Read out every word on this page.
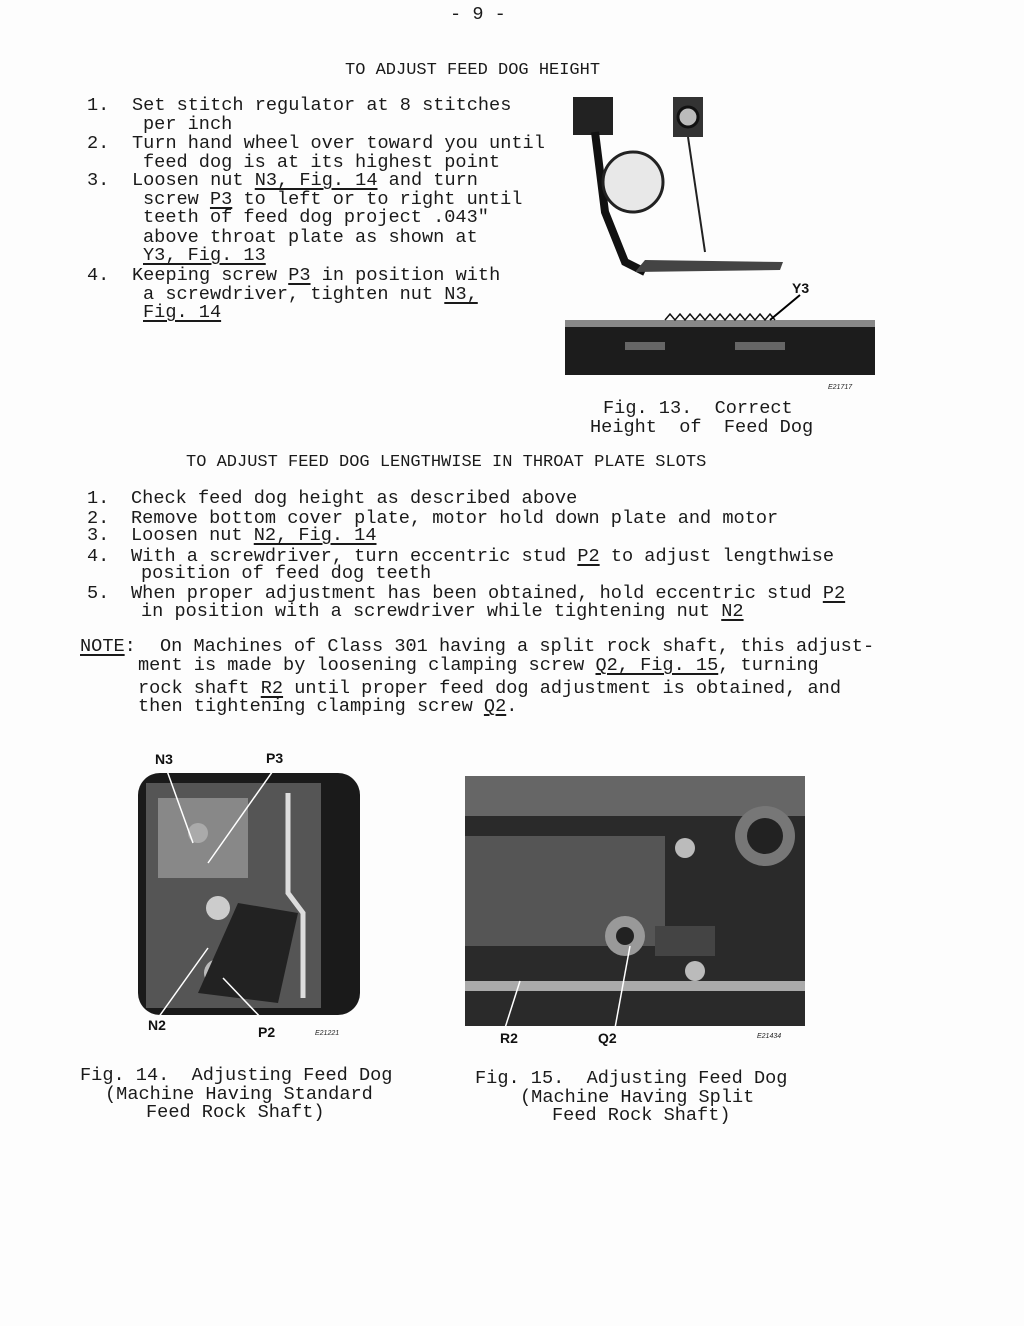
- 9 -
TO ADJUST FEED DOG HEIGHT
Y3
E21717
Fig. 13.  Correct
Height  of  Feed Dog
TO ADJUST FEED DOG LENGTHWISE IN THROAT PLATE SLOTS
NOTE:
N3	P3
N2	P2	E21221
Fig. 14.  Adjusting Feed Dog
(Machine Having Standard
Feed Rock Shaft)
R2	Q2	E21434
Fig. 15.  Adjusting Feed Dog
(Machine Having Split
Feed Rock Shaft)
1. Set stitch regulator at 8 stitches
per inch
2. Turn hand wheel over toward you until
feed dog is at its highest point
3. Loosen nut N3, Fig. 14 and turn
screw P3 to left or to right until
teeth of feed dog project .043"
above throat plate as shown at
Y3, Fig. 13
4. Keeping screw P3 in position with
a screwdriver, tighten nut N3,
Fig. 14
1. Check feed dog height as described above
2. Remove bottom cover plate, motor hold down plate and motor
3. Loosen nut N2, Fig. 14
4. With a screwdriver, turn eccentric stud P2 to adjust lengthwise
position of feed dog teeth
5. When proper adjustment has been obtained, hold eccentric stud P2
in position with a screwdriver while tightening nut N2
On Machines of Class 301 having a split rock shaft, this adjust-
ment is made by loosening clamping screw Q2, Fig. 15, turning
rock shaft R2 until proper feed dog adjustment is obtained, and
then tightening clamping screw Q2.
